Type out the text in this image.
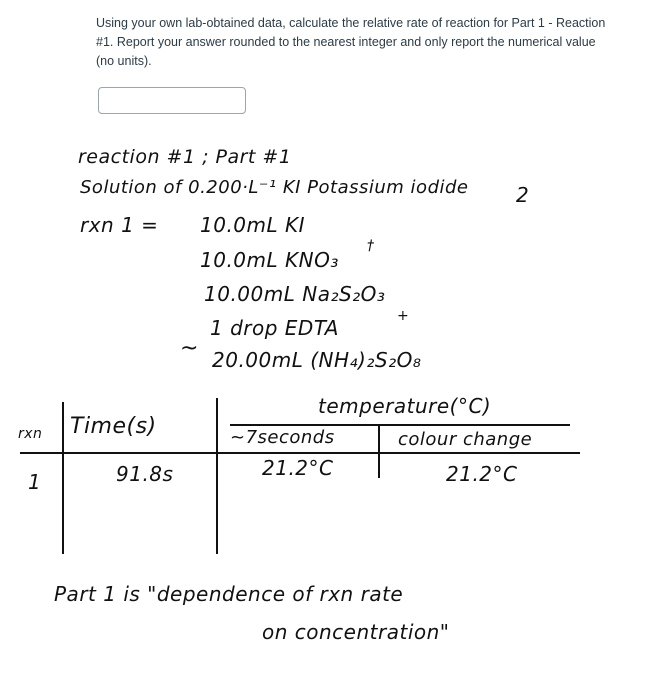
Using your own lab-obtained data, calculate the relative rate of reaction for Part 1 - Reaction #1. Report your answer rounded to the nearest integer and only report the numerical value (no units).
reaction #1 ; Part #1
Solution of 0.200·L⁻¹ KI Potassium iodide 2
rxn 1 = 10.0mL KI
10.0mL KNO₃
†
10.00mL Na₂S₂O₃
1 drop EDTA	+
~ 20.00mL (NH₄)₂S₂O₈
rxn Time(s)
temperature(°C)
~7seconds	colour change
1	91.8s	21.2°C	21.2°C
Part 1 is "dependence of rxn rate
on concentration"
